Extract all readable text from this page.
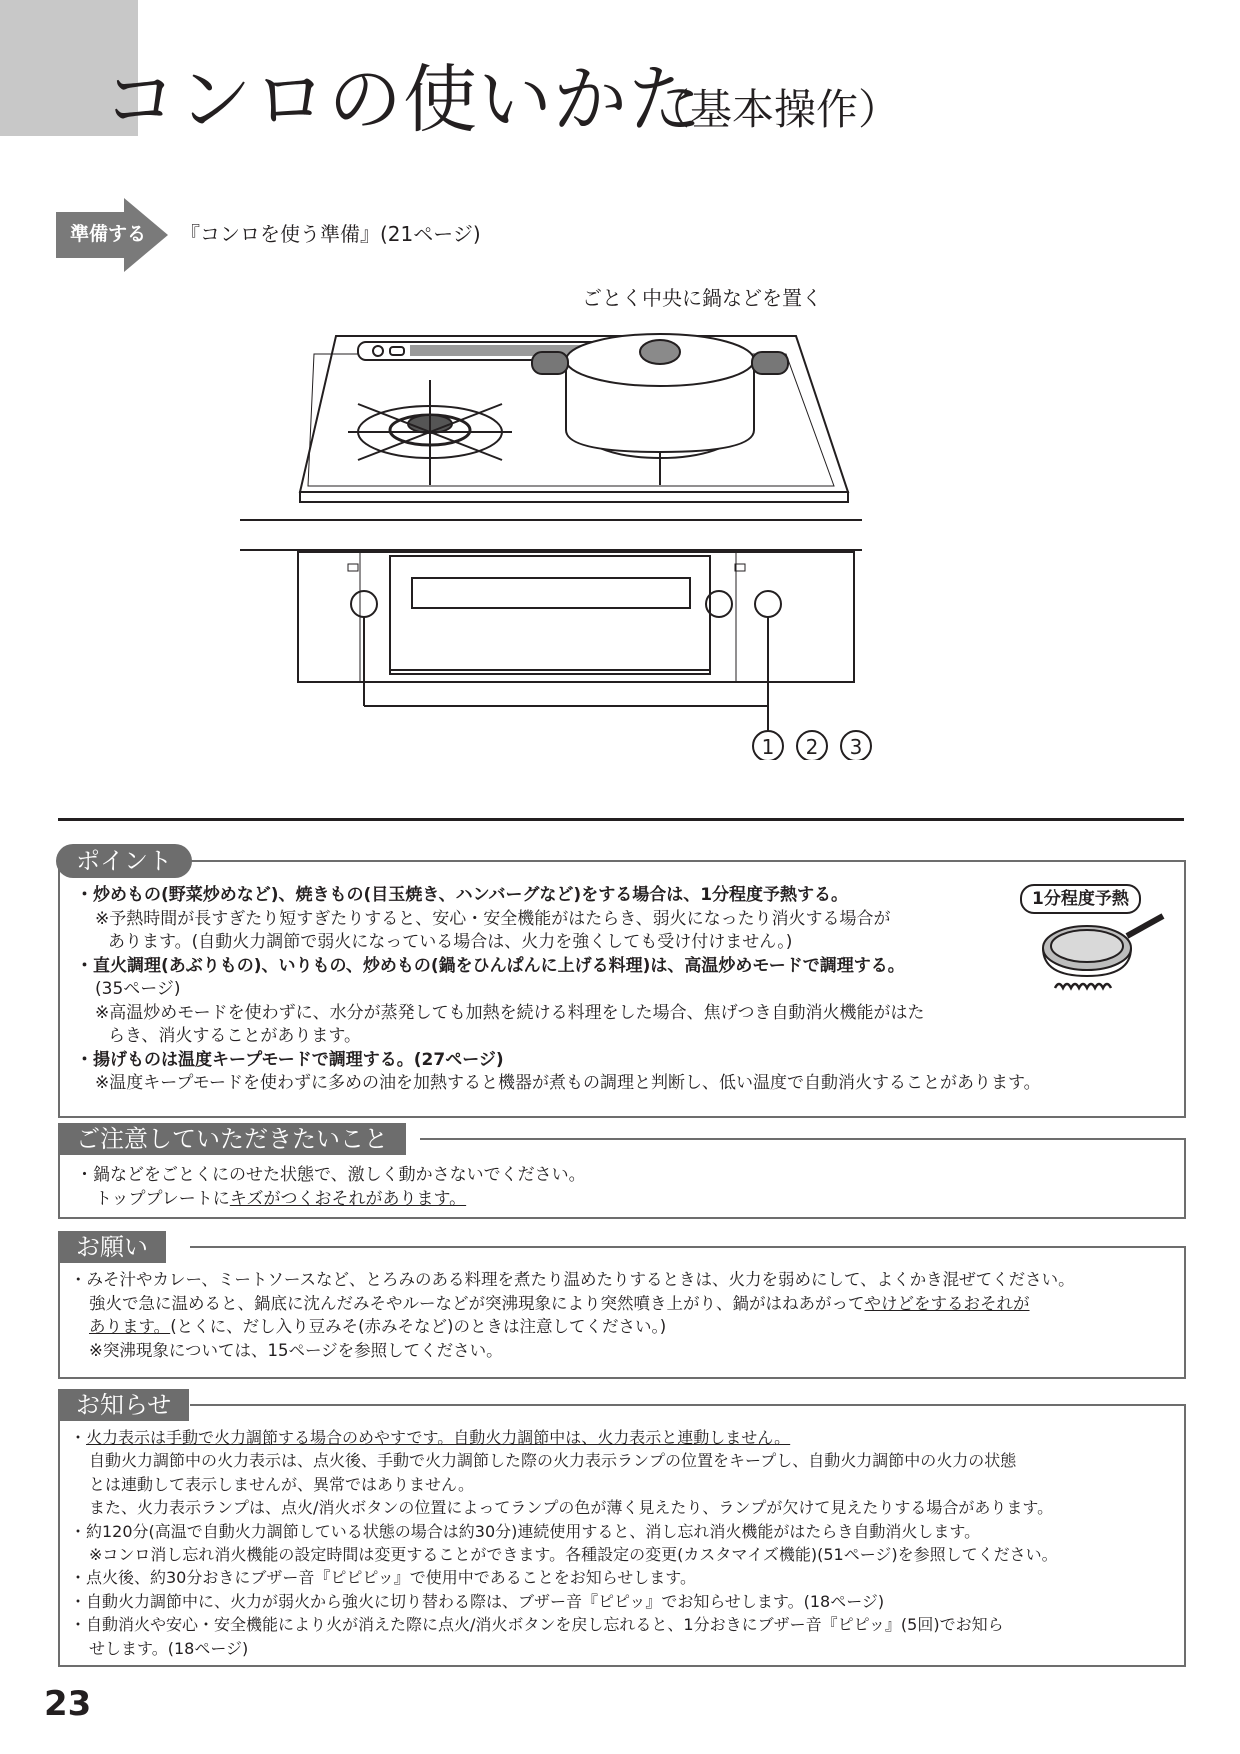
コンロの使いかた
（基本操作）
準備する 『コンロを使う準備』(21ページ)
ごとく中央に鍋などを置く
1 2 3
ポイント
・炒めもの(野菜炒めなど)、焼きもの(目玉焼き、ハンバーグなど)をする場合は、1分程度予熱する。
※予熱時間が長すぎたり短すぎたりすると、安心・安全機能がはたらき、弱火になったり消火する場合が
あります。(自動火力調節で弱火になっている場合は、火力を強くしても受け付けません。)
・直火調理(あぶりもの)、いりもの、炒めもの(鍋をひんぱんに上げる料理)は、高温炒めモードで調理する。
(35ページ)
※高温炒めモードを使わずに、水分が蒸発しても加熱を続ける料理をした場合、焦げつき自動消火機能がはた
らき、消火することがあります。
・揚げものは温度キープモードで調理する。(27ページ)
※温度キープモードを使わずに多めの油を加熱すると機器が煮もの調理と判断し、低い温度で自動消火することがあります。
1分程度予熱
ご注意していただきたいこと
・鍋などをごとくにのせた状態で、激しく動かさないでください。
トッププレートにキズがつくおそれがあります。
お願い
・みそ汁やカレー、ミートソースなど、とろみのある料理を煮たり温めたりするときは、火力を弱めにして、よくかき混ぜてください。
強火で急に温めると、鍋底に沈んだみそやルーなどが突沸現象により突然噴き上がり、鍋がはねあがってやけどをするおそれが
あります。(とくに、だし入り豆みそ(赤みそなど)のときは注意してください。)
※突沸現象については、15ページを参照してください。
お知らせ
・火力表示は手動で火力調節する場合のめやすです。自動火力調節中は、火力表示と連動しません。
自動火力調節中の火力表示は、点火後、手動で火力調節した際の火力表示ランプの位置をキープし、自動火力調節中の火力の状態
とは連動して表示しませんが、異常ではありません。
また、火力表示ランプは、点火/消火ボタンの位置によってランプの色が薄く見えたり、ランプが欠けて見えたりする場合があります。
・約120分(高温で自動火力調節している状態の場合は約30分)連続使用すると、消し忘れ消火機能がはたらき自動消火します。
※コンロ消し忘れ消火機能の設定時間は変更することができます。各種設定の変更(カスタマイズ機能)(51ページ)を参照してください。
・点火後、約30分おきにブザー音『ピピピッ』で使用中であることをお知らせします。
・自動火力調節中に、火力が弱火から強火に切り替わる際は、ブザー音『ピピッ』でお知らせします。(18ページ)
・自動消火や安心・安全機能により火が消えた際に点火/消火ボタンを戻し忘れると、1分おきにブザー音『ピピッ』(5回)でお知ら
せします。(18ページ)
23
